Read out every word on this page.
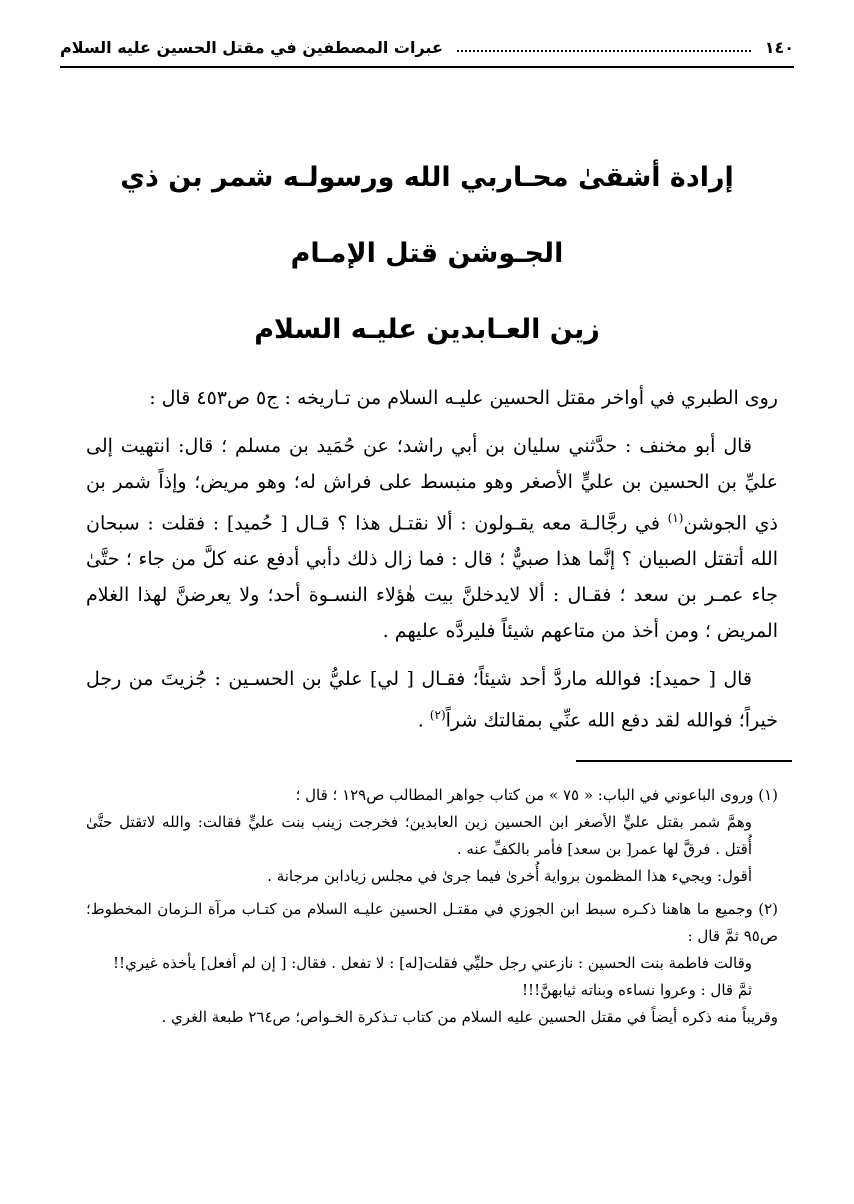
١٤٠
عبرات المصطفين في مقتل الحسين عليه السلام
إرادة أشقىٰ محـاربي الله ورسولـه شمر بن ذي الجـوشن قتل الإمـام
زين العـابدين عليـه السلام

روى الطبري في أواخر مقتل الحسين عليـه السلام من تـاريخه : ج٥ ص٤٥٣ قال :

قال أبو مخنف : حدَّثني سليان بن أبي راشد؛ عن حُمَيد بن مسلم ؛ قال: انتهيت إلى عليِّ بن الحسين بن عليٍّ الأصغر وهو منبسط على فراش له؛ وهو مريض؛ وإذاً شمر بن ذي الجوشن$^{(١)}$ في رجَّالـة معه يقـولون : ألا نقتـل هذا ؟ قـال [ حُميد] : فقلت : سبحان الله أتقتل الصبيان ؟ إنَّما هذا صبيٌّ ؛ قال : فما زال ذلك دأبي أدفع عنه كلَّ من جاء ؛ حتَّىٰ جاء عمـر بن سعد ؛ فقـال : ألا لايدخلنَّ بيت هٰؤلاء النسـوة أحد؛ ولا يعرضنَّ لهذا الغلام المريض ؛ ومن أخذ من متاعهم شيئاً فليردَّه عليهم .

قال [ حميد]: فوالله ماردَّ أحد شيئاً؛ فقـال [ لي] عليُّ بن الحسـين : جُزيتَ من رجل خيراً؛ فوالله لقد دفع الله عنِّي بمقالتك شراً$^{(٢)}$ .

(١) وروى الباعوني في الباب: « ٧٥ » من كتاب جواهر المطالب ص١٢٩ ؛ قال ؛

وهمَّ شمر بقتل عليٍّ الأصغر ابن الحسين زين العابدين؛ فخرجت زينب بنت عليٍّ فقالت: والله لاتقتل حتَّىٰ أُقتل . فرقَّ لها عمر[ بن سعد] فأمر بالكفِّ عنه .

أقول: ويجيء هذا المظمون برواية أُخرىٰ فيما جرىٰ في مجلس زيادابن مرجانة .

(٢) وجميع ما هاهنا ذكـره سبط ابن الجوزي في مقتـل الحسين عليـه السلام من كتـاب مرآة الـزمان المخطوط؛ ص٩٥ ثمَّ قال :

وقالت فاطمة بنت الحسين : نازعني رجل حليِّي فقلت[له] : لا تفعل . فقال: [ إن لم أفعل] يأخذه غيري!!

ثمَّ قال : وعروا نساءه وبناته ثيابهنَّ!!!

وقريباً منه ذكره أيضاً في مقتل الحسين عليه السلام من كتاب تـذكرة الخـواص؛ ص٢٦٤ طبعة الغري .
